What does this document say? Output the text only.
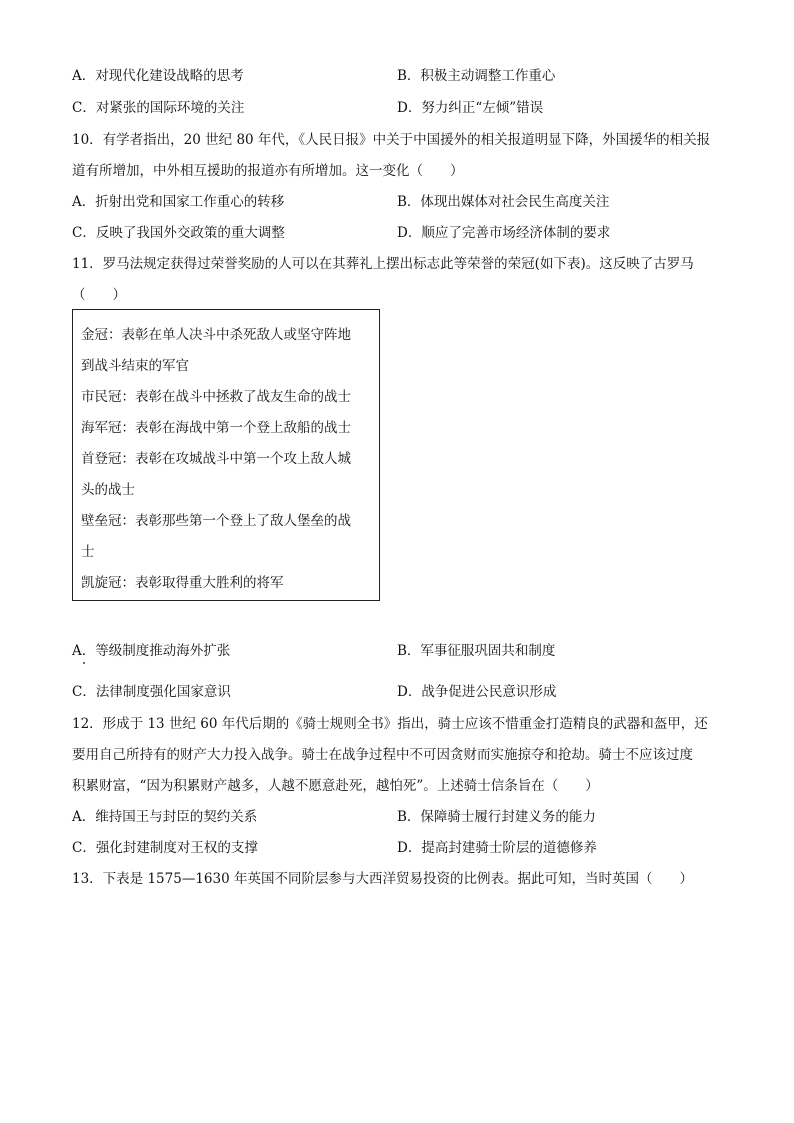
A．对现代化建设战略的思考	B．积极主动调整工作重心
C．对紧张的国际环境的关注	D．努力纠正“左倾”错误
10．有学者指出，20 世纪 80 年代，《人民日报》中关于中国援外的相关报道明显下降，外国援华的相关报
道有所增加，中外相互援助的报道亦有所增加。这一变化（　　）
A．折射出党和国家工作重心的转移	B．体现出媒体对社会民生高度关注
C．反映了我国外交政策的重大调整	D．顺应了完善市场经济体制的要求
11．罗马法规定获得过荣誉奖励的人可以在其葬礼上摆出标志此等荣誉的荣冠(如下表)。这反映了古罗马
（　　）
金冠：表彰在单人决斗中杀死敌人或坚守阵地
到战斗结束的军官
市民冠：表彰在战斗中拯救了战友生命的战士
海军冠：表彰在海战中第一个登上敌船的战士
首登冠：表彰在攻城战斗中第一个攻上敌人城
头的战士
壁垒冠：表彰那些第一个登上了敌人堡垒的战
士
凯旋冠：表彰取得重大胜利的将军
A．等级制度推动海外扩张	B．军事征服巩固共和制度
C．法律制度强化国家意识	D．战争促进公民意识形成
12．形成于 13 世纪 60 年代后期的《骑士规则全书》指出，骑士应该不惜重金打造精良的武器和盔甲，还
要用自己所持有的财产大力投入战争。骑士在战争过程中不可因贪财而实施掠夺和抢劫。骑士不应该过度
积累财富，“因为积累财产越多，人越不愿意赴死，越怕死”。上述骑士信条旨在（　　）
A．维持国王与封臣的契约关系	B．保障骑士履行封建义务的能力
C．强化封建制度对王权的支撑	D．提高封建骑士阶层的道德修养
13．下表是 1575—1630 年英国不同阶层参与大西洋贸易投资的比例表。据此可知，当时英国（　　）
